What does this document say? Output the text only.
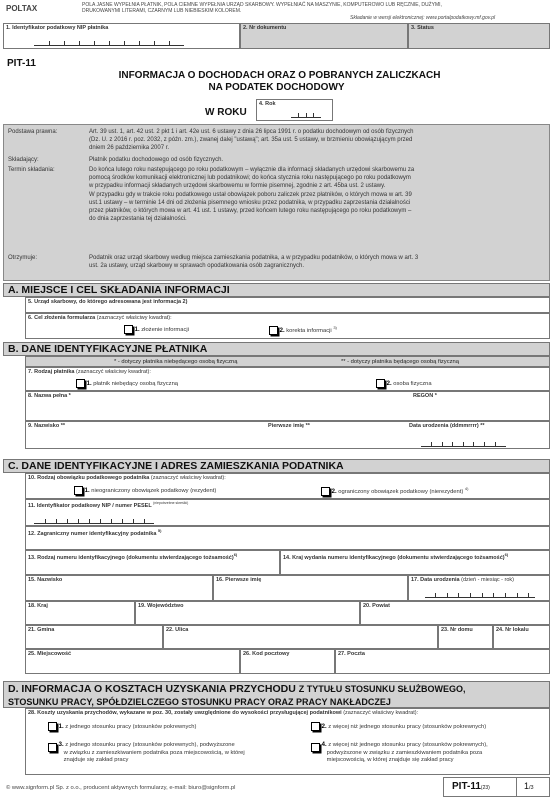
POLTAX	POLA JASNE WYPEŁNIA PŁATNIK, POLA CIEMNE WYPEŁNIA URZĄD SKARBOWY. WYPEŁNIAĆ NA MASZYNIE, KOMPUTEROWO LUB RĘCZNIE, DUŻYMI,
DRUKOWANYMI LITERAMI, CZARNYM LUB NIEBIESKIM KOLOREM.
Składanie w wersji elektronicznej: www.portalpodatkowy.mf.gov.pl
1. Identyfikator podatkowy NIP płatnika	2. Nr dokumentu	3. Status
PIT-11
INFORMACJA O DOCHODACH ORAZ O POBRANYCH ZALICZKACH
NA PODATEK DOCHODOWY
W ROKU
4. Rok
Podstawa prawna:	Art. 39 ust. 1, art. 42 ust. 2 pkt 1 i art. 42e ust. 6 ustawy z dnia 26 lipca 1991 r. o podatku dochodowym od osób fizycznych
(Dz. U. z 2016 r. poz. 2032, z późn. zm.), zwanej dalej "ustawą"; art. 35a ust. 5 ustawy, w brzmieniu obowiązującym przed
dniem 26 października 2007 r.
Składający:	Płatnik podatku dochodowego od osób fizycznych.
Termin składania:	Do końca lutego roku następującego po roku podatkowym – wyłącznie dla informacji składanych urzędowi skarbowemu za
pomocą środków komunikacji elektronicznej lub podatnikowi; do końca stycznia roku następującego po roku podatkowym
w przypadku informacji składanych urzędowi skarbowemu w formie pisemnej, zgodnie z art. 45ba ust. 2 ustawy.
W przypadku gdy w trakcie roku podatkowego ustał obowiązek poboru zaliczek przez płatników, o których mowa w art. 39
ust.1 ustawy – w terminie 14 dni od złożenia pisemnego wniosku przez podatnika, w przypadku zaprzestania działalności
przez płatników, o których mowa w art. 41 ust. 1 ustawy, przed końcem lutego roku następującego po roku podatkowym –
do dnia zaprzestania tej działalności.
Otrzymuje:	Podatnik oraz urząd skarbowy według miejsca zamieszkania podatnika, a w przypadku podatników, o których mowa w art. 3
ust. 2a ustawy, urząd skarbowy w sprawach opodatkowania osób zagranicznych.
A. MIEJSCE I CEL SKŁADANIA INFORMACJI
5. Urząd skarbowy, do którego adresowana jest informacja 2)
6. Cel złożenia formularza (zaznaczyć właściwy kwadrat):
1. złożenie informacji	2. korekta informacji $^{3)}$
B. DANE IDENTYFIKACYJNE PŁATNIKA
* - dotyczy płatnika niebędącego osobą fizyczną	** - dotyczy płatnika będącego osobą fizyczną
7. Rodzaj płatnika (zaznaczyć właściwy kwadrat):
1. płatnik niebędący osobą fizyczną	2. osoba fizyczna
8. Nazwa pełna *	REGON *
9. Nazwisko **	Pierwsze imię **	Data urodzenia (ddmmrrrr) **
C. DANE IDENTYFIKACYJNE I ADRES ZAMIESZKANIA PODATNIKA
10. Rodzaj obowiązku podatkowego podatnika (zaznaczyć właściwy kwadrat):
1. nieograniczony obowiązek podatkowy (rezydent)	2. ograniczony obowiązek podatkowy (nierezydent) $^{4)}$
11. Identyfikator podatkowy NIP / numer PESEL $^{(niepotrzebne skreślić)}$
12. Zagraniczny numer identyfikacyjny podatnika $^{5)}$
13. Rodzaj numeru identyfikacyjnego (dokumentu stwierdzającego tożsamość)$^{6)}$
14. Kraj wydania numeru identyfikacyjnego (dokumentu stwierdzającego tożsamość)$^{6)}$
15. Nazwisko	16. Pierwsze imię	17. Data urodzenia (dzień - miesiąc - rok)
18. Kraj	19. Województwo	20. Powiat
21. Gmina	22. Ulica	23. Nr domu	24. Nr lokalu
25. Miejscowość	26. Kod pocztowy	27. Poczta
D. INFORMACJA O KOSZTACH UZYSKANIA PRZYCHODU Z TYTUŁU STOSUNKU SŁUŻBOWEGO,
STOSUNKU PRACY, SPÓŁDZIELCZEGO STOSUNKU PRACY ORAZ PRACY NAKŁADCZEJ
28. Koszty uzyskania przychodów, wykazane w poz. 30, zostały uwzględnione do wysokości przysługującej podatnikowi (zaznaczyć właściwy kwadrat):
1. z jednego stosunku pracy (stosunków pokrewnych)	2. z więcej niż jednego stosunku pracy (stosunków pokrewnych)
3. z jednego stosunku pracy (stosunków pokrewnych), podwyższone
w związku z zamieszkiwaniem podatnika poza miejscowością, w której
znajduje się zakład pracy
4. z więcej niż jednego stosunku pracy (stosunków pokrewnych),
podwyższone w związku z zamieszkiwaniem podatnika poza
miejscowością, w której znajduje się zakład pracy
© www.signform.pl Sp. z o.o., producent aktywnych formularzy, e-mail: biuro@signform.pl	PIT-11(23)	1/3
